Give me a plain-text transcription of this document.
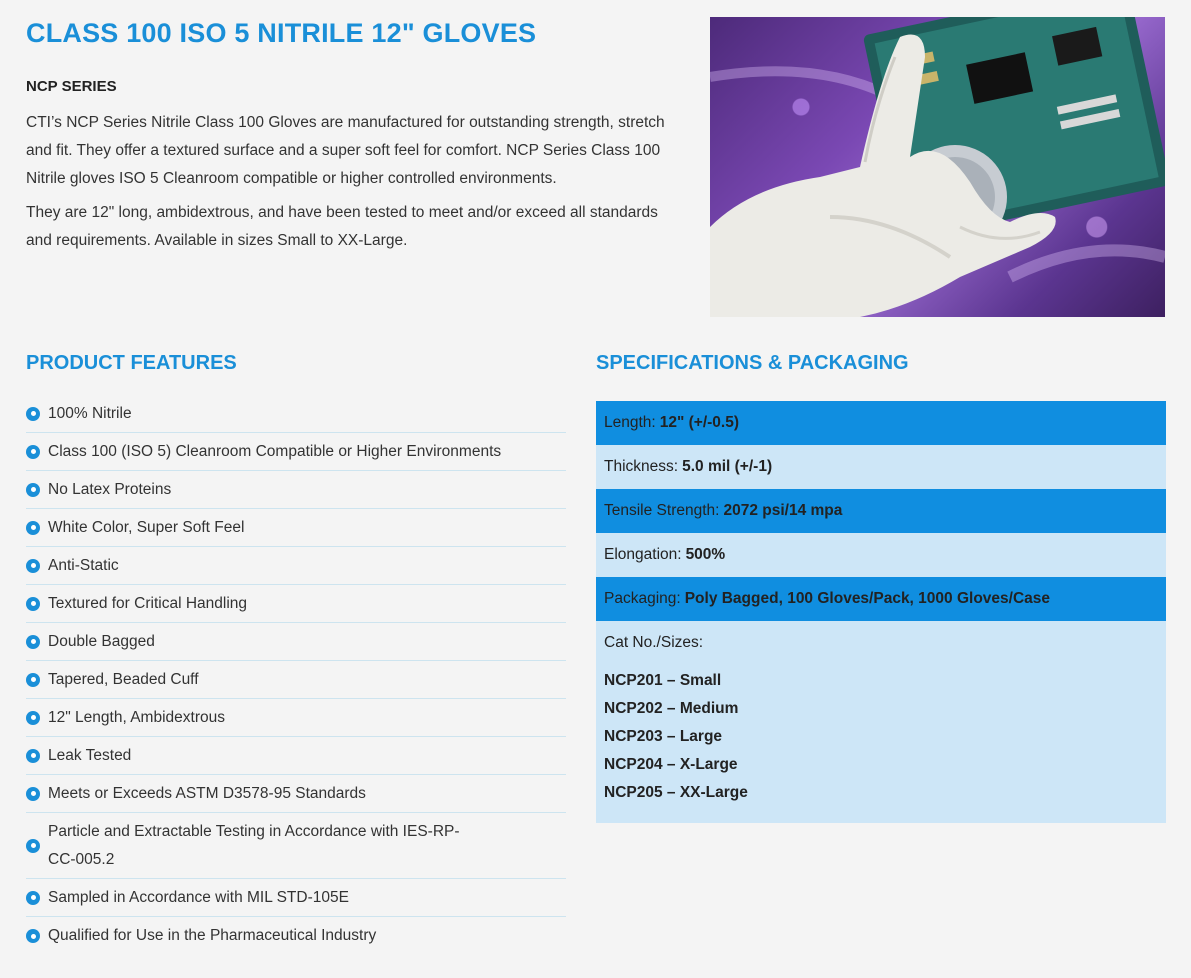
CLASS 100 ISO 5 NITRILE 12" GLOVES
NCP SERIES

CTI’s NCP Series Nitrile Class 100 Gloves are manufactured for outstanding strength, stretch and fit. They offer a textured surface and a super soft feel for comfort. NCP Series Class 100 Nitrile gloves ISO 5 Cleanroom compatible or higher controlled environments.

They are 12" long, ambidextrous, and have been tested to meet and/or exceed all standards and requirements. Available in sizes Small to XX-Large.

PRODUCT FEATURES
100% Nitrile
Class 100 (ISO 5) Cleanroom Compatible or Higher Environments
No Latex Proteins
White Color, Super Soft Feel
Anti-Static
Textured for Critical Handling
Double Bagged
Tapered, Beaded Cuff
12" Length, Ambidextrous
Leak Tested
Meets or Exceeds ASTM D3578-95 Standards
Particle and Extractable Testing in Accordance with IES-RP-CC-005.2
Sampled in Accordance with MIL STD-105E
Qualified for Use in the Pharmaceutical Industry
SPECIFICATIONS & PACKAGING
Length: 12" (+/-0.5)
Thickness: 5.0 mil (+/-1)
Tensile Strength: 2072 psi/14 mpa
Elongation: 500%
Packaging: Poly Bagged, 100 Gloves/Pack, 1000 Gloves/Case
Cat No./Sizes:
NCP201 – Small
NCP202 – Medium
NCP203 – Large
NCP204 – X-Large
NCP205 – XX-Large
